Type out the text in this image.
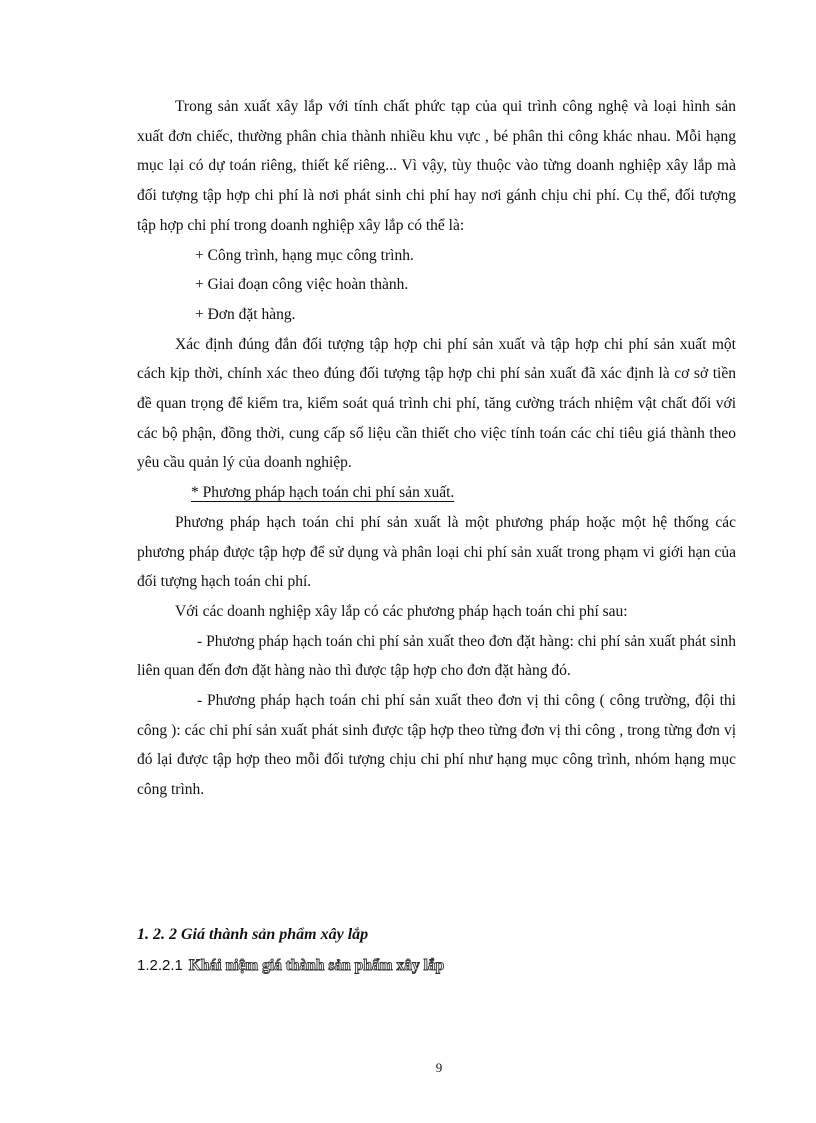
Trong sản xuất xây lắp với tính chất phức tạp của qui trình công nghệ và loại hình sản xuất đơn chiếc, thường phân chia thành nhiều khu vực , bé phân thi công khác nhau. Mỗi hạng mục lại có dự toán riêng, thiết kế riêng... Vì vậy, tùy thuộc vào từng doanh nghiệp xây lắp mà đối tượng tập hợp chi phí là nơi phát sinh chi phí hay nơi gánh chịu chi phí. Cụ thể, đối tượng tập hợp chi phí trong doanh nghiệp xây lắp có thể là:

+ Công trình, hạng mục công trình.

+ Giai đoạn công việc hoàn thành.

+ Đơn đặt hàng.

Xác định đúng đắn đối tượng tập hợp chi phí sản xuất và tập hợp chi phí sản xuất một cách kịp thời, chính xác theo đúng đối tượng tập hợp chi phí sản xuất đã xác định là cơ sở tiền đề quan trọng để kiểm tra, kiểm soát quá trình chi phí, tăng cường trách nhiệm vật chất đối với các bộ phận, đồng thời, cung cấp số liệu cần thiết cho việc tính toán các chỉ tiêu giá thành theo yêu cầu quản lý của doanh nghiệp.

* Phương pháp hạch toán chi phí sản xuất.

Phương pháp hạch toán chi phí sản xuất là một phương pháp hoặc một hệ thống các phương pháp được tập hợp để sử dụng và phân loại chi phí sản xuất trong phạm vi giới hạn của đối tượng hạch toán chi phí.

Với các doanh nghiệp xây lắp có các phương pháp hạch toán chi phí sau:

- Phương pháp hạch toán chi phí sản xuất theo đơn đặt hàng: chi phí sản xuất phát sinh liên quan đến đơn đặt hàng nào thì được tập hợp cho đơn đặt hàng đó.

- Phương pháp hạch toán chi phí sản xuất theo đơn vị thi công ( công trường, đội thi công ): các chi phí sản xuất phát sinh được tập hợp theo từng đơn vị thi công , trong từng đơn vị đó lại được tập hợp theo mỗi đối tượng chịu chi phí như hạng mục công trình, nhóm hạng mục công trình.

1. 2. 2 Giá thành sản phẩm xây lắp

1.2.2.1 Khái niệm giá thành sản phẩm xây lắp

9
